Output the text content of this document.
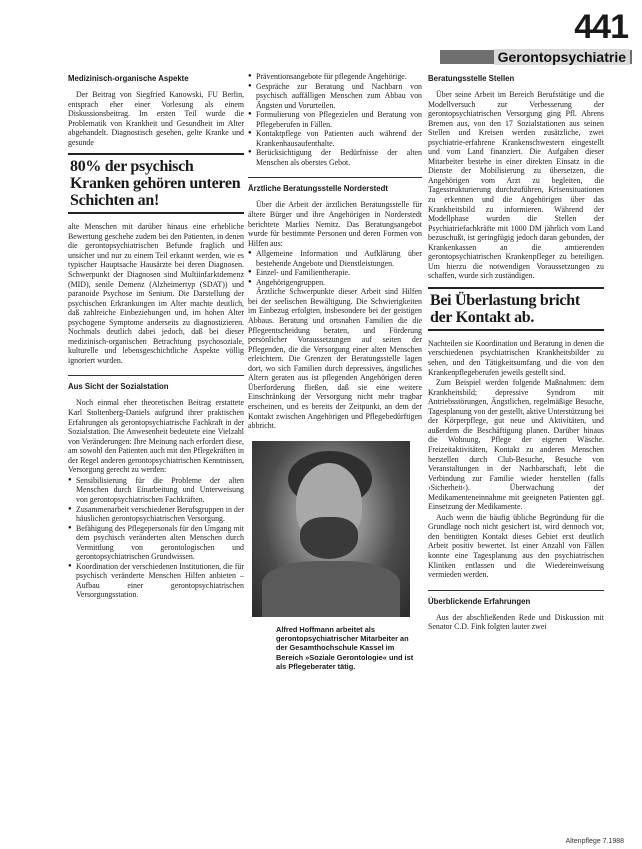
441
Gerontopsychiatrie
Medizinisch-organische Aspekte

Der Beitrag von Siegfried Kanowski, FU Berlin, entsprach eher einer Vorlesung als einem Diskussionsbeitrag. Im ersten Teil wurde die Problematik von Krankheit und Gesundheit im Alter abgehandelt. Diagnostisch gesehen, gelte Kranke und gesunde

80% der psychisch Kranken gehören unteren Schichten an!

alte Menschen mit darüber hinaus eine erhebliche Bewertung geschehe zudem bei den Patienten, in denen die gerontopsychiatrischen Befunde fraglich und unsicher und nur zu einem Teil erkannt werden, wie es typischer Hauptsache Hausärzte bei deren Diagnosen. Schwerpunkt der Diagnosen sind Multiinfarktdemenz (MID), senile Demenz (Alzheimertyp (SDAT)) und paranoide Psychose im Senium. Die Darstellung der psychischen Erkrankungen im Alter machte deutlich, daß zahlreiche Einbeziehungen und, im hohen Alter psychogene Symptome anderseits zu diagnostizieren. Nochmals deutlich dabei jedoch, daß bei dieser medizinisch-organischen Betrachtung psychosoziale, kulturelle und lebensgeschichtliche Aspekte völlig ignoriert wurden.

Aus Sicht der Sozialstation

Noch einmal eher theoretischen Beitrag erstattete Karl Stoltenberg-Daniels aufgrund ihrer praktischen Erfahrungen als gerontopsychiatrische Fachkraft in der Sozialstation. Die Anwesenheit bedeutete eine Vielzahl von Veränderungen: Ihre Meinung nach erfordert diese, am sowohl den Patienten auch mit den Pflegekräften in der Regel anderen gerontopsychiatrischen Kenntnissen, Versorgung gerecht zu werden:

● Sensibilisierung für die Probleme der alten Menschen durch Einarbeitung und Unterweisung von gerontopsychiatrischen Fachkräften.
● Zusammenarbeit verschiedener Berufsgruppen in der häuslichen gerontopsychiatrischen Versorgung.
● Befähigung des Pflegepersonals für den Umgang mit dem psychisch veränderten alten Menschen durch Vermittlung von gerontologischen und gerontopsychiatrischen Grundwissen.
● Koordination der verschiedenen Institutionen, die für psychisch veränderte Menschen Hilfen anbieten – Aufbau einer gerontopsychiatrischen Versorgungsstation.
● Präventionsangebote für pflegende Angehörige.
● Gespräche zur Beratung und Nachbarn von psychisch auffälligen Menschen zum Abbau von Ängsten und Vorurteilen.
● Formulierung von Pflegezielen und Beratung von Pflegeberufen in Fällen.
● Kontaktpflege von Patienten auch während der Krankenhausaufenthalte.
● Berücksichtigung der Bedürfnisse der alten Menschen als oberstes Gebot.
Ärztliche Beratungsstelle Norderstedt

Über die Arbeit der ärztlichen Beratungsstelle für ältere Bürger und ihre Angehörigen in Norderstedt berichtete Marlies Nemitz. Das Beratungsangebot wurde für bestimmte Personen und deren Formen von Hilfen aus:

● Allgemeine Information und Aufklärung über bestehende Angebote und Dienstleistungen.
● Einzel- und Familientherapie.
● Angehörigengruppen.

Ärztliche Schwerpunkte dieser Arbeit sind Hilfen bei der seelischen Bewältigung. Die Schwierigkeiten im Einbezug erfolgten, insbesondere bei der geistigen Abbaus. Beratung und ortsnahen Familien die die Pflegeentscheidung beraten, und Förderung persönlicher Voraussetzungen auf seiten der Pflegenden, die die Versorgung einer alten Menschen erleichtern. Die Grenzen der Beratungsstelle lagen dort, wo sich Familien durch depressives, ängstliches Altern geraten aus ist pflegenden Angehörigen deren Überforderung fließen, daß sie eine weitere Einschränkung der Versorgung nicht mehr tragbar erscheinen, und es bereits der Zeitpunkt, an dem der Kontakt zwischen Angehörigen und Pflegebedürftigen abbricht.

Alfred Hoffmann arbeitet als gerontopsychiatrischer Mitarbeiter an der Gesamthochschule Kassel im Bereich »Soziale Gerontologie« und ist als Pflegeberater tätig.
Beratungsstelle Stellen

Über seine Arbeit im Bereich Berufstätige und die Modellversuch zur Verbesserung der gerontopsychiatrischen Versorgung ging Pfl. Ahrens Bremen aus, von den 17 Sozialstationen aus seinen Stellen und Kreisen werden zusätzliche, zwei psychiatrie-erfahrene Krankenschwestern eingestellt und vom Land finanziert. Die Aufgaben dieser Mitarbeiter bestehe in einer direkten Einsatz in die Dienste der Mobilisierung zu übersetzen, die Angehörigen vom Arzt zu begleiten, die Tagesstrukturierung durchzuführen, Krisensituationen zu erkennen und die Angehörigen über das Krankheitsbild zu informieren. Während der Modellphase wurden die Stellen der Psychiatriefachkräfte mit 1000 DM jährlich vom Land bezuschußt, ist geringfügig jedoch daran gebunden, der Krankenkassen an die amtierenden gerontopsychiatrischen Krankenpfleger zu beteiligen. Um hierzu die notwendigen Voraussetzungen zu schaffen, wurde sich zuständigen.

Bei Überlastung bricht der Kontakt ab.

Nachteilen sie Koordination und Beratung in denen die verschiedenen psychiatrischen Krankheitsbilder zu sehen, und den Tätigkeitsumfang und die von den Krankenpflegeberufen jeweils gestellt sind.

Zum Beispiel werden folgende Maßnahmen: dem Krankheitsbild; depressive Syndrom mit Antriebsstörungen, Ängstlichen, regelmäßige Besuche, Tagesplanung von der gestellt, aktive Unterstützung bei der Körperpflege, gut neue und Aktivitäten, und außerdem die Beschäftigung planen. Darüber hinaus die Wohnung, Pflege der eigenen Wäsche. Freizeitaktivitäten, Kontakt zu anderen Menschen herstellen durch Club-Besuche, Besuche von Veranstaltungen in der Nachbarschaft, lebt die Verbindung zur Familie wieder herstellen (falls ›Sicherheit‹). Überwachung der Medikamenteneinnahme mit geeigneten Patienten ggf. Einsetzung der Medikamente.

Auch wenn die häufig übliche Begründung für die Grundlage noch nicht gesichert ist, wird dennoch vor, den benötigten Kontakt dieses Gebiet erst deutlich Arbeit positiv bewertet. Ist einer Anzahl von Fällen konnte eine Tagesplanung aus den psychiatrischen Kliniken entlassen und die Wiedereinweisung vermieden werden.

Überblickende Erfahrungen

Aus der abschließenden Rede und Diskussion mit Senator C.D. Fink folgten lauter zwei

Altenpflege 7.1988
